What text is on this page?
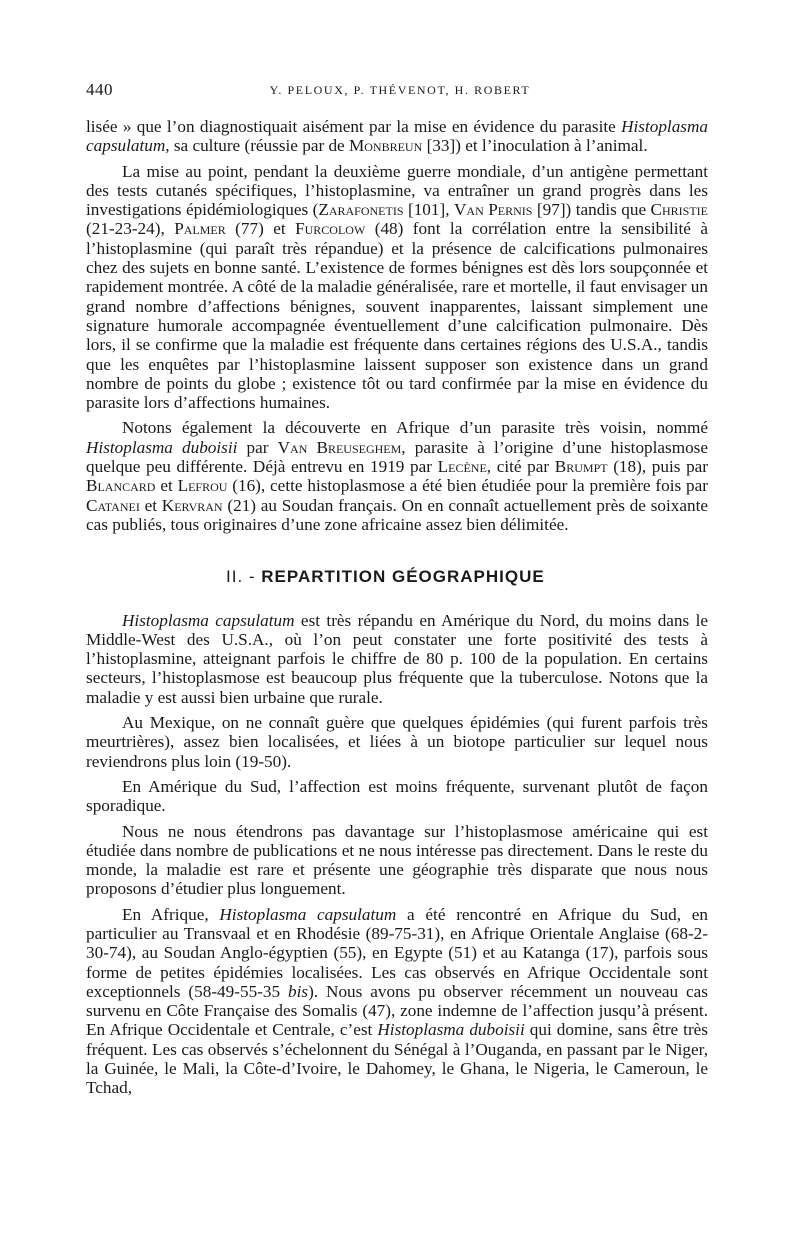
440	Y. PELOUX, P. THÉVENOT, H. ROBERT

lisée » que l’on diagnostiquait aisément par la mise en évidence du parasite Histoplasma capsulatum, sa culture (réussie par de Monbreun [33]) et l’inoculation à l’animal.

La mise au point, pendant la deuxième guerre mondiale, d’un antigène permettant des tests cutanés spécifiques, l’histoplasmine, va entraîner un grand progrès dans les investigations épidémiologiques (Zarafonetis [101], Van Pernis [97]) tandis que Christie (21-23-24), Palmer (77) et Furcolow (48) font la corrélation entre la sensibilité à l’histoplasmine (qui paraît très répandue) et la présence de calcifications pulmonaires chez des sujets en bonne santé. L’existence de formes bénignes est dès lors soupçonnée et rapidement montrée. A côté de la maladie généralisée, rare et mortelle, il faut envisager un grand nombre d’affections bénignes, souvent inapparentes, laissant simplement une signature humorale accompagnée éventuellement d’une calcification pulmonaire. Dès lors, il se confirme que la maladie est fréquente dans certaines régions des U.S.A., tandis que les enquêtes par l’histoplasmine laissent supposer son existence dans un grand nombre de points du globe ; existence tôt ou tard confirmée par la mise en évidence du parasite lors d’affections humaines.

Notons également la découverte en Afrique d’un parasite très voisin, nommé Histoplasma duboisii par Van Breuseghem, parasite à l’origine d’une histoplasmose quelque peu différente. Déjà entrevu en 1919 par Lecène, cité par Brumpt (18), puis par Blancard et Lefrou (16), cette histoplasmose a été bien étudiée pour la première fois par Catanei et Kervran (21) au Soudan français. On en connaît actuellement près de soixante cas publiés, tous originaires d’une zone africaine assez bien délimitée.

II. - REPARTITION GÉOGRAPHIQUE

Histoplasma capsulatum est très répandu en Amérique du Nord, du moins dans le Middle-West des U.S.A., où l’on peut constater une forte positivité des tests à l’histoplasmine, atteignant parfois le chiffre de 80 p. 100 de la population. En certains secteurs, l’histoplasmose est beaucoup plus fréquente que la tuberculose. Notons que la maladie y est aussi bien urbaine que rurale.

Au Mexique, on ne connaît guère que quelques épidémies (qui furent parfois très meurtrières), assez bien localisées, et liées à un biotope particulier sur lequel nous reviendrons plus loin (19-50).

En Amérique du Sud, l’affection est moins fréquente, survenant plutôt de façon sporadique.

Nous ne nous étendrons pas davantage sur l’histoplasmose américaine qui est étudiée dans nombre de publications et ne nous intéresse pas directement. Dans le reste du monde, la maladie est rare et présente une géographie très disparate que nous nous proposons d’étudier plus longuement.

En Afrique, Histoplasma capsulatum a été rencontré en Afrique du Sud, en particulier au Transvaal et en Rhodésie (89-75-31), en Afrique Orientale Anglaise (68-2-30-74), au Soudan Anglo-égyptien (55), en Egypte (51) et au Katanga (17), parfois sous forme de petites épidémies localisées. Les cas observés en Afrique Occidentale sont exceptionnels (58-49-55-35 bis). Nous avons pu observer récemment un nouveau cas survenu en Côte Française des Somalis (47), zone indemne de l’affection jusqu’à présent. En Afrique Occidentale et Centrale, c’est Histoplasma duboisii qui domine, sans être très fréquent. Les cas observés s’échelonnent du Sénégal à l’Ouganda, en passant par le Niger, la Guinée, le Mali, la Côte-d’Ivoire, le Dahomey, le Ghana, le Nigeria, le Cameroun, le Tchad,
